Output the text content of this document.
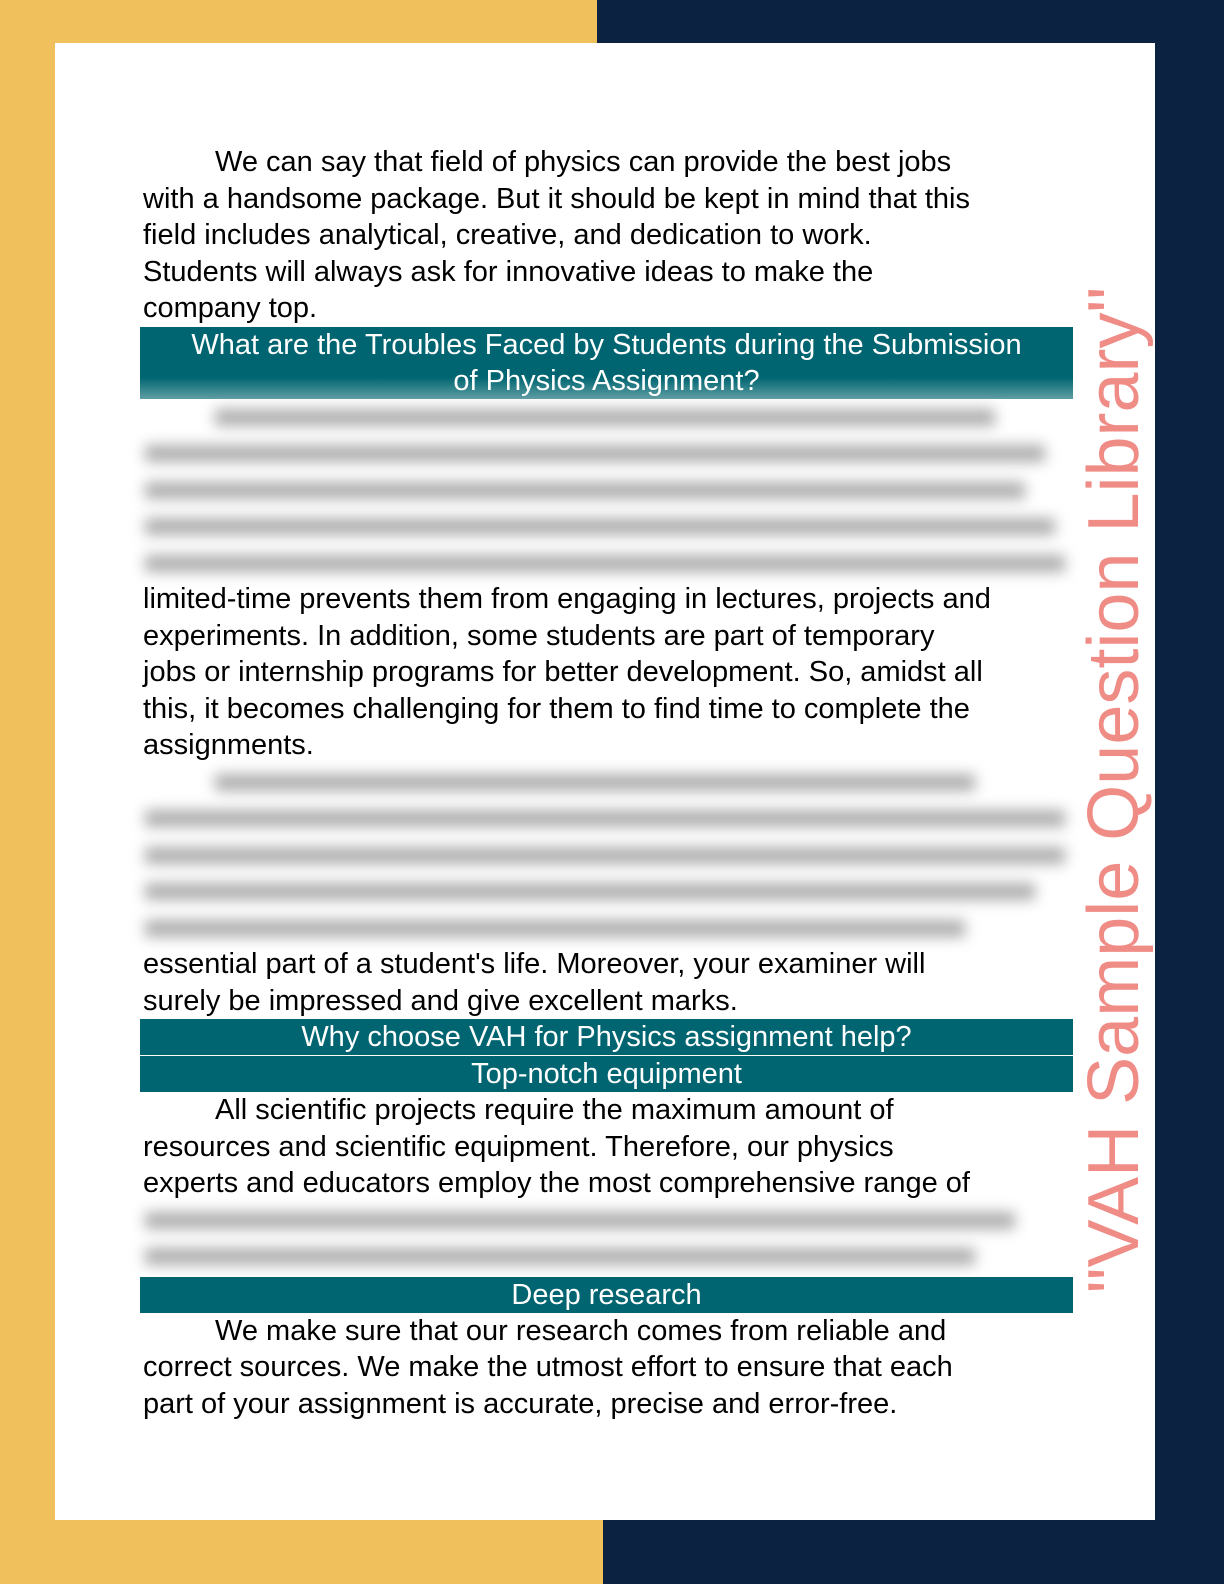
We can say that field of physics can provide the best jobs
with a handsome package. But it should be kept in mind that this
field includes analytical, creative, and dedication to work.
Students will always ask for innovative ideas to make the
company top.
What are the Troubles Faced by Students during the Submission
of Physics Assignment?
limited-time prevents them from engaging in lectures, projects and
experiments. In addition, some students are part of temporary
jobs or internship programs for better development. So, amidst all
this, it becomes challenging for them to find time to complete the
assignments.
essential part of a student's life. Moreover, your examiner will
surely be impressed and give excellent marks.
Why choose VAH for Physics assignment help?
Top-notch equipment
All scientific projects require the maximum amount of
resources and scientific equipment. Therefore, our physics
experts and educators employ the most comprehensive range of
Deep research
We make sure that our research comes from reliable and
correct sources. We make the utmost effort to ensure that each
part of your assignment is accurate, precise and error-free.
"VAH Sample Question Library"
